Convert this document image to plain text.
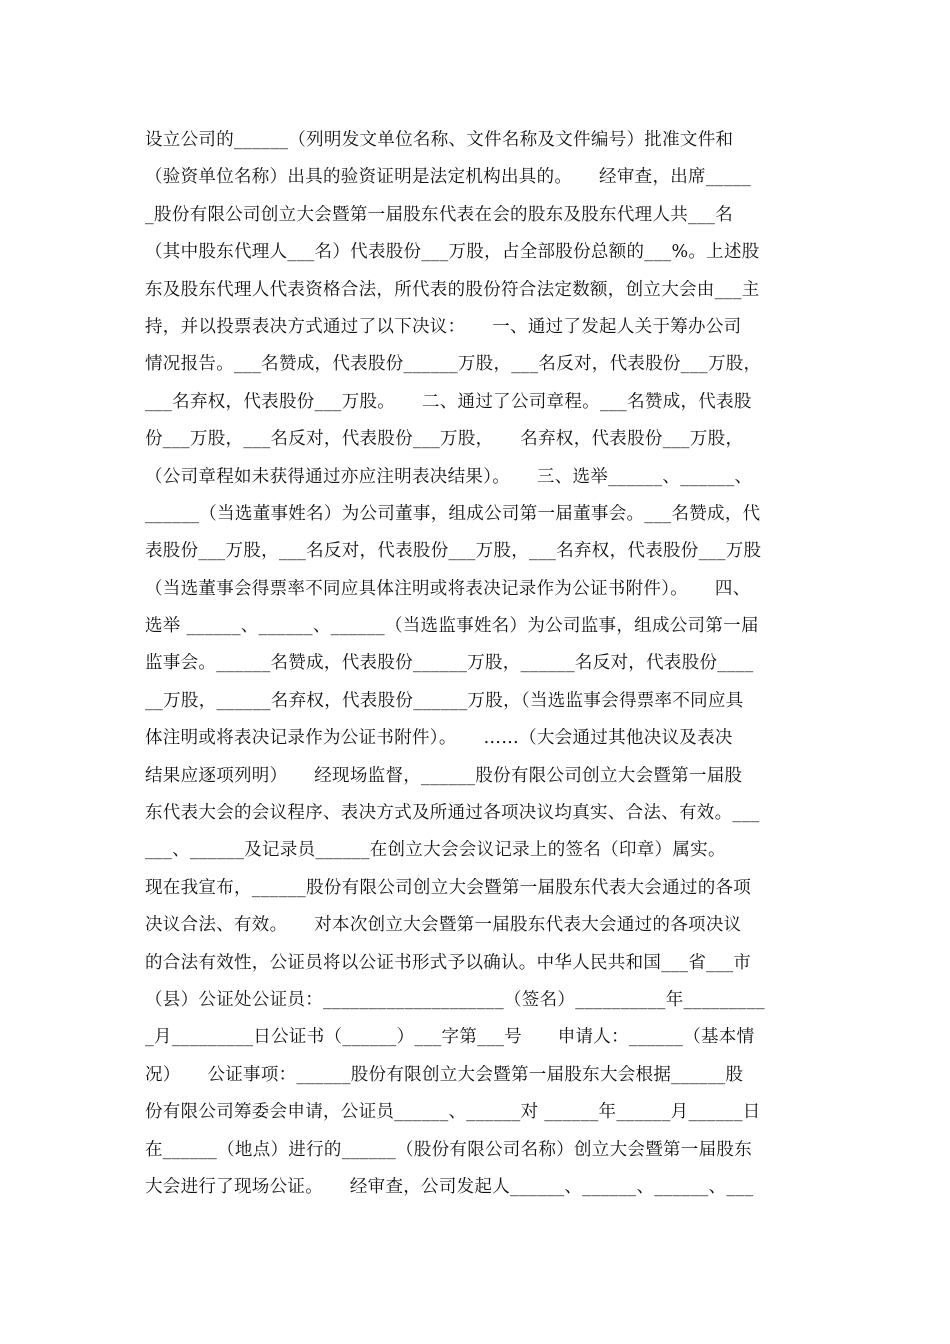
设立公司的______（列明发文单位名称、文件名称及文件编号）批准文件和
（验资单位名称）出具的验资证明是法定机构出具的。　　经审查，出席_____
_股份有限公司创立大会暨第一届股东代表在会的股东及股东代理人共___名
（其中股东代理人___名）代表股份___万股，占全部股份总额的___%。上述股
东及股东代理人代表资格合法，所代表的股份符合法定数额，创立大会由___主
持，并以投票表决方式通过了以下决议：　　一、通过了发起人关于筹办公司
情况报告。___名赞成，代表股份______万股，___名反对，代表股份___万股，
___名弃权，代表股份___万股。　　二、通过了公司章程。___名赞成，代表股
份___万股，___名反对，代表股份___万股，　　名弃权，代表股份___万股，
（公司章程如未获得通过亦应注明表决结果）。　　三、选举______、______、
______（当选董事姓名）为公司董事，组成公司第一届董事会。___名赞成，代
表股份___万股，___名反对，代表股份___万股，___名弃权，代表股份___万股
（当选董事会得票率不同应具体注明或将表决记录作为公证书附件）。　　四、
选举 ______、______、______（当选监事姓名）为公司监事，组成公司第一届
监事会。______名赞成，代表股份______万股，______名反对，代表股份____
__万股，______名弃权，代表股份______万股，（当选监事会得票率不同应具
体注明或将表决记录作为公证书附件）。　　……（大会通过其他决议及表决
结果应逐项列明）　　经现场监督，______股份有限公司创立大会暨第一届股
东代表大会的会议程序、表决方式及所通过各项决议均真实、合法、有效。___
___、______及记录员______在创立大会会议记录上的签名（印章）属实。
现在我宣布，______股份有限公司创立大会暨第一届股东代表大会通过的各项
决议合法、有效。　　对本次创立大会暨第一届股东代表大会通过的各项决议
的合法有效性，公证员将以公证书形式予以确认。中华人民共和国___省___市
（县）公证处公证员：____________________（签名）__________年_________
_月_________日公证书（______）___字第___号　　申请人：______（基本情
况）　　公证事项：______股份有限创立大会暨第一届股东大会根据______股
份有限公司筹委会申请，公证员______、______对 ______年______月______日
在______（地点）进行的______（股份有限公司名称）创立大会暨第一届股东
大会进行了现场公证。　　经审查，公司发起人______、______、______、___
